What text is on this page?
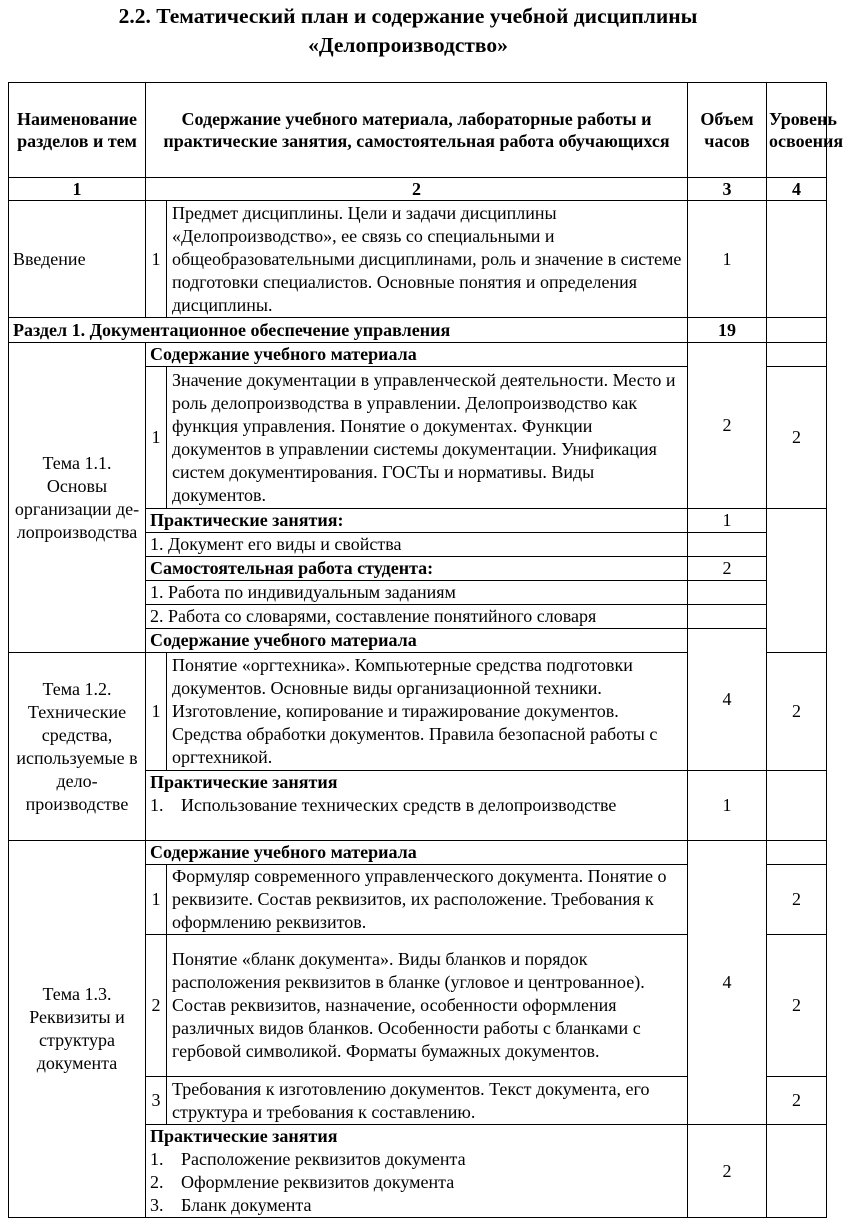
2.2. Тематический план и содержание учебной дисциплины
«Делопроизводство»
Наименование разделов и тем	Содержание учебного материала, лабораторные работы и практические занятия, самостоятельная работа обучающихся		Объем часов	Уровень освоения
1	2		3	4
Введение	1	Предмет дисциплины. Цели и задачи дисциплины «Делопроизводство», ее связь со специальными и общеобразовательными дисциплинами, роль и значение в системе подготовки специалистов. Основные понятия и определения дисциплины.	1	
Раздел 1. Документационное обеспечение управления			19	
Тема 1.1. Основы организации де-лопроизводства	Содержание учебного материала		2	
	1	Значение документации в управленческой деятельности. Место и роль делопроизводства в управлении. Делопроизводство как функция управления. Понятие о документах. Функции документов в управлении системы документации. Унификация систем документирования. ГОСТы и нормативы. Виды документов.		2
	Практические занятия:		1	
	1. Документ его виды и свойства			
	Самостоятельная работа студента:		2	
	1. Работа по индивидуальным заданиям			
	2. Работа со словарями, составление понятийного словаря			
	Содержание учебного материала		4	
Тема 1.2. Технические средства, используемые в дело-производстве	1	Понятие «оргтехника». Компьютерные средства подготовки документов. Основные виды организационной техники. Изготовление, копирование и тиражирование документов. Средства обработки документов. Правила безопасной работы с оргтехникой.		2

	Практические занятия
1. Использование технических средств в делопроизводстве		1	
Тема 1.3. Реквизиты и структура документа	Содержание учебного материала		4	
	1	Формуляр современного управленческого документа. Понятие о реквизите. Состав реквизитов, их расположение. Требования к оформлению реквизитов.		2
	2	Понятие «бланк документа». Виды бланков и порядок расположения реквизитов в бланке (угловое и центрованное). Состав реквизитов, назначение, особенности оформления различных видов бланков. Особенности работы с бланками с гербовой символикой. Форматы бумажных документов.		2
	3	Требования к изготовлению документов. Текст документа, его структура и требования к составлению.		2

	Практические занятия
1. Расположение реквизитов документа
2. Оформление реквизитов документа
3. Бланк документа		2	
